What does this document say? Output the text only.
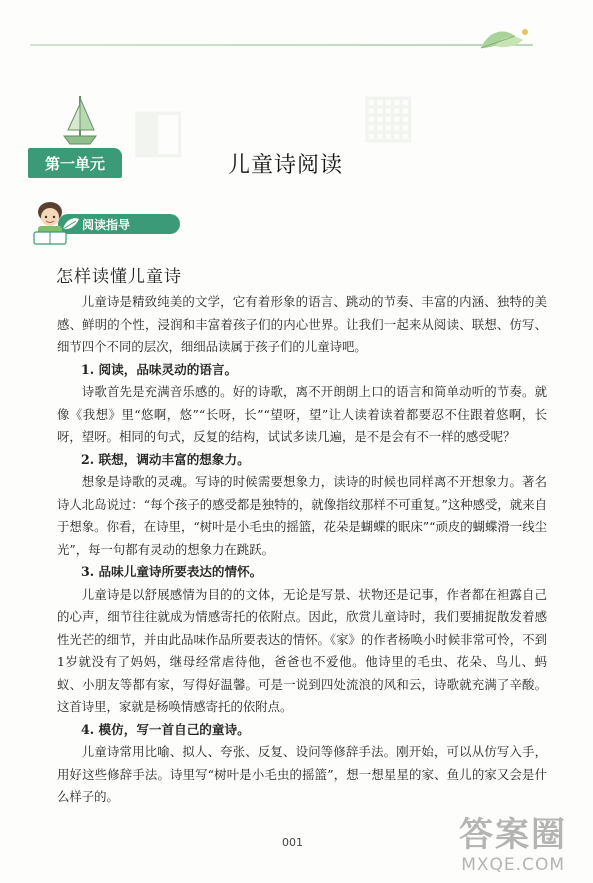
▦
◧
第一单元	儿童诗阅读
阅读指导
怎样读懂儿童诗

儿童诗是精致纯美的文学，它有着形象的语言、跳动的节奏、丰富的内涵、独特的美感、鲜明的个性，浸润和丰富着孩子们的内心世界。让我们一起来从阅读、联想、仿写、细节四个不同的层次，细细品读属于孩子们的儿童诗吧。

1. 阅读，品味灵动的语言。

诗歌首先是充满音乐感的。好的诗歌，离不开朗朗上口的语言和简单动听的节奏。就像《我想》里“悠啊，悠”“长呀，长”“望呀，望”让人读着读着都要忍不住跟着悠啊，长呀，望呀。相同的句式，反复的结构，试试多读几遍，是不是会有不一样的感受呢？

2. 联想，调动丰富的想象力。

想象是诗歌的灵魂。写诗的时候需要想象力，读诗的时候也同样离不开想象力。著名诗人北岛说过：“每个孩子的感受都是独特的，就像指纹那样不可重复。”这种感受，就来自于想象。你看，在诗里，“树叶是小毛虫的摇篮，花朵是蝴蝶的眠床”“顽皮的蝴蝶滑一线尘光”，每一句都有灵动的想象力在跳跃。

3. 品味儿童诗所要表达的情怀。

儿童诗是以舒展感情为目的的文体，无论是写景、状物还是记事，作者都在袒露自己的心声，细节往往就成为情感寄托的依附点。因此，欣赏儿童诗时，我们要捕捉散发着感性光芒的细节，并由此品味作品所要表达的情怀。《家》的作者杨唤小时候非常可怜，不到1岁就没有了妈妈，继母经常虐待他，爸爸也不爱他。他诗里的毛虫、花朵、鸟儿、蚂蚁、小朋友等都有家，写得好温馨。可是一说到四处流浪的风和云，诗歌就充满了辛酸。这首诗里，家就是杨唤情感寄托的依附点。

4. 模仿，写一首自己的童诗。

儿童诗常用比喻、拟人、夸张、反复、设问等修辞手法。刚开始，可以从仿写入手，用好这些修辞手法。诗里写“树叶是小毛虫的摇篮”，想一想星星的家、鱼儿的家又会是什么样子的。

001	答案圈
MXQE.COM
